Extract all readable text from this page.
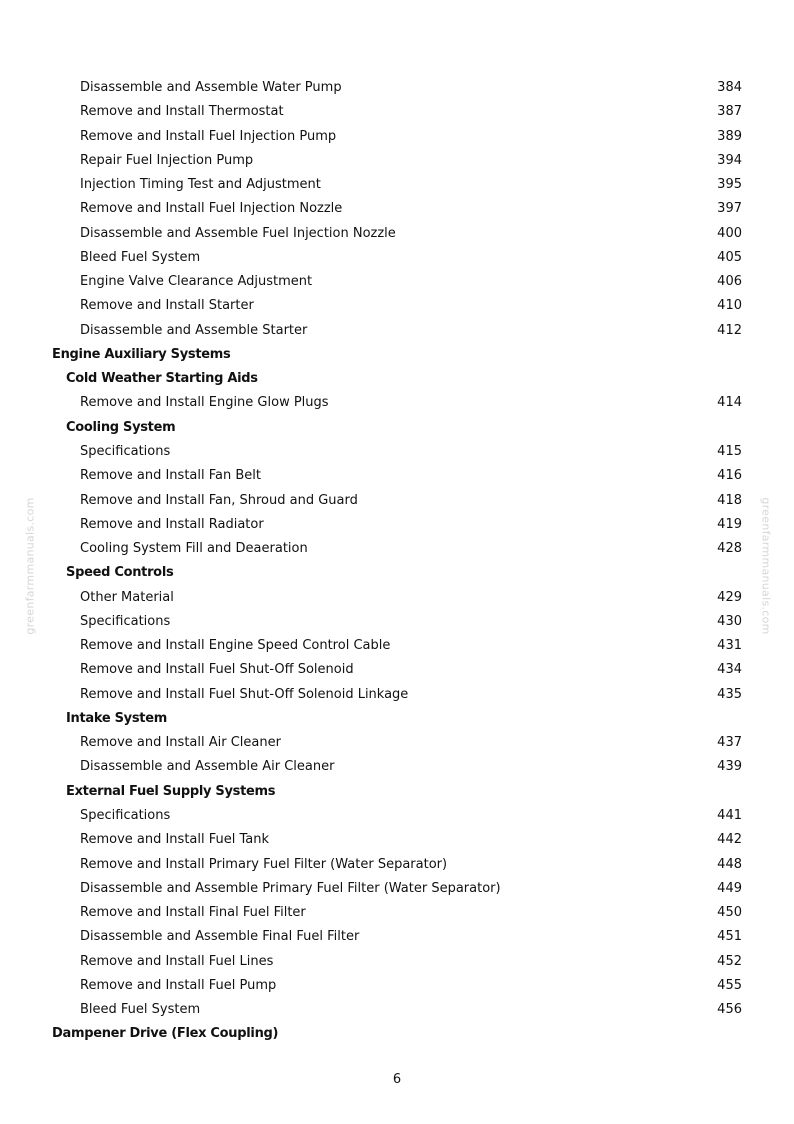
greenfarmmanuals.com	greenfarmmanuals.com
Disassemble and Assemble Water Pump	384
Remove and Install Thermostat	387
Remove and Install Fuel Injection Pump	389
Repair Fuel Injection Pump	394
Injection Timing Test and Adjustment	395
Remove and Install Fuel Injection Nozzle	397
Disassemble and Assemble Fuel Injection Nozzle	400
Bleed Fuel System	405
Engine Valve Clearance Adjustment	406
Remove and Install Starter	410
Disassemble and Assemble Starter	412
Engine Auxiliary Systems
Cold Weather Starting Aids
Remove and Install Engine Glow Plugs	414
Cooling System
Specifications	415
Remove and Install Fan Belt	416
Remove and Install Fan, Shroud and Guard	418
Remove and Install Radiator	419
Cooling System Fill and Deaeration	428
Speed Controls
Other Material	429
Specifications	430
Remove and Install Engine Speed Control Cable	431
Remove and Install Fuel Shut-Off Solenoid	434
Remove and Install Fuel Shut-Off Solenoid Linkage	435
Intake System
Remove and Install Air Cleaner	437
Disassemble and Assemble Air Cleaner	439
External Fuel Supply Systems
Specifications	441
Remove and Install Fuel Tank	442
Remove and Install Primary Fuel Filter (Water Separator)	448
Disassemble and Assemble Primary Fuel Filter (Water Separator)	449
Remove and Install Final Fuel Filter	450
Disassemble and Assemble Final Fuel Filter	451
Remove and Install Fuel Lines	452
Remove and Install Fuel Pump	455
Bleed Fuel System	456
Dampener Drive (Flex Coupling)
6
